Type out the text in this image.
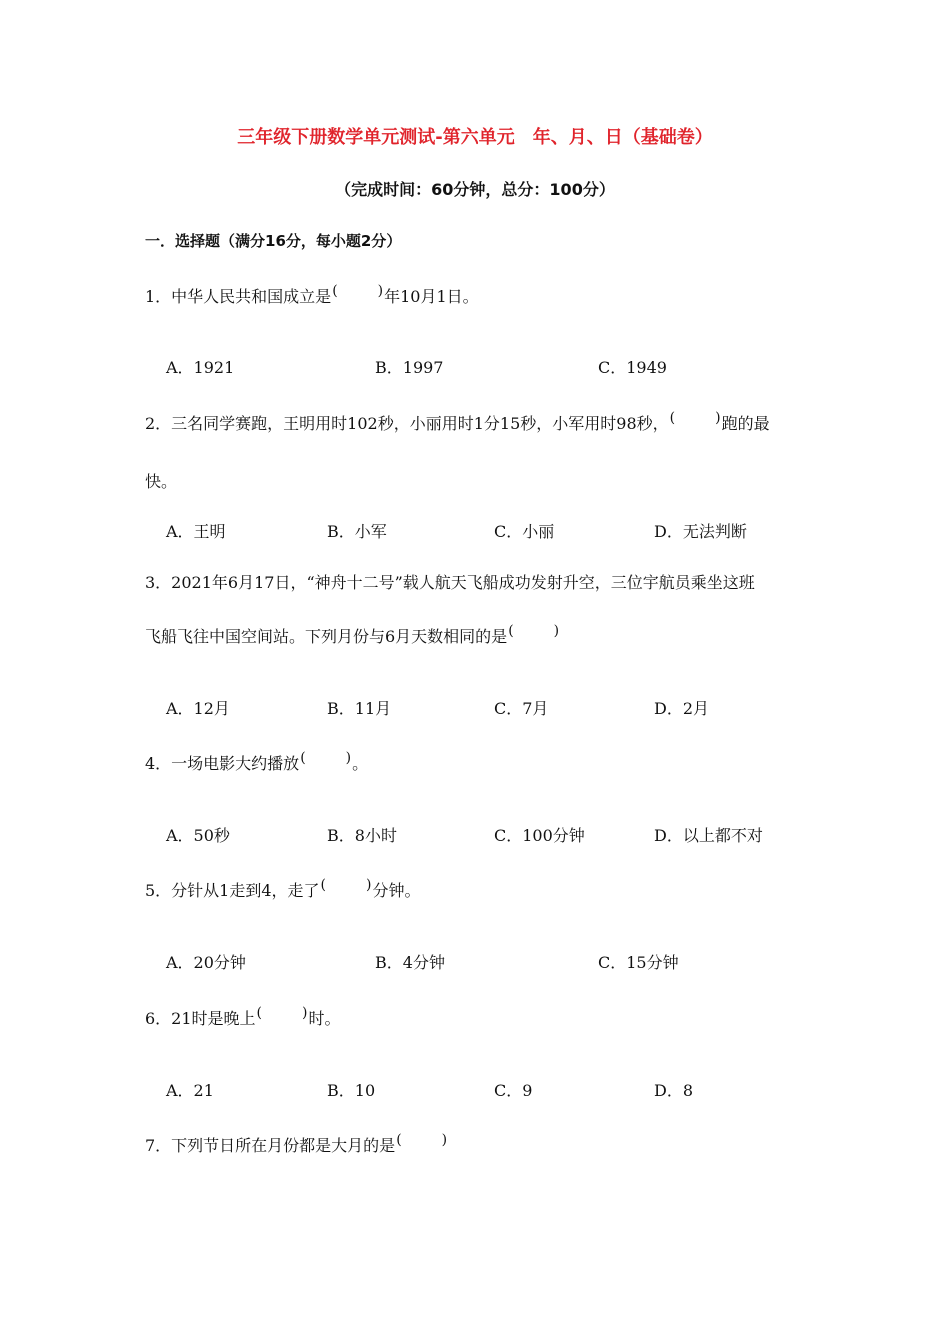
三年级下册数学单元测试-第六单元　年、月、日（基础卷）
（完成时间：60分钟，总分：100分）
一．选择题（满分16分，每小题2分）
1．中华人民共和国成立是(	)年10月1日。
A．1921	B．1997	C．1949
2．三名同学赛跑，王明用时102秒，小丽用时1分15秒，小军用时98秒，(	)跑的最
快。
A．王明	B．小军	C．小丽	D．无法判断
3．2021年6月17日，“神舟十二号”载人航天飞船成功发射升空，三位宇航员乘坐这班
飞船飞往中国空间站。下列月份与6月天数相同的是(	)
A．12月	B．11月	C．7月	D．2月
4．一场电影大约播放(	)。
A．50秒	B．8小时	C．100分钟	D．以上都不对
5．分针从1走到4，走了(	)分钟。
A．20分钟	B．4分钟	C．15分钟
6．21时是晚上(	)时。
A．21	B．10	C．9	D．8
7．下列节日所在月份都是大月的是(	)
